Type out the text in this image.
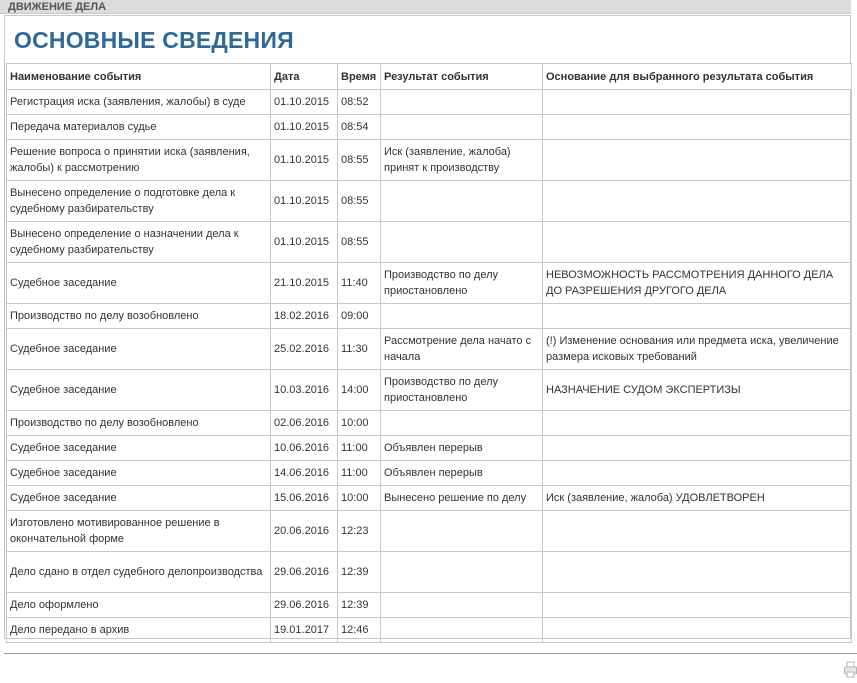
ДВИЖЕНИЕ ДЕЛА
ОСНОВНЫЕ СВЕДЕНИЯ
Наименование события	Дата	Время	Результат события	Основание для выбранного результата события
Регистрация иска (заявления, жалобы) в суде	01.10.2015	08:52		
Передача материалов судье	01.10.2015	08:54		
Решение вопроса о принятии иска (заявления, жалобы) к рассмотрению	01.10.2015	08:55	Иск (заявление, жалоба) принят к производству	
Вынесено определение о подготовке дела к судебному разбирательству	01.10.2015	08:55		
Вынесено определение о назначении дела к судебному разбирательству	01.10.2015	08:55		
Судебное заседание	21.10.2015	11:40	Производство по делу приостановлено	НЕВОЗМОЖНОСТЬ РАССМОТРЕНИЯ ДАННОГО ДЕЛА ДО РАЗРЕШЕНИЯ ДРУГОГО ДЕЛА
Производство по делу возобновлено	18.02.2016	09:00		
Судебное заседание	25.02.2016	11:30	Рассмотрение дела начато с начала	(!) Изменение основания или предмета иска, увеличение размера исковых требований
Судебное заседание	10.03.2016	14:00	Производство по делу приостановлено	НАЗНАЧЕНИЕ СУДОМ ЭКСПЕРТИЗЫ
Производство по делу возобновлено	02.06.2016	10:00		
Судебное заседание	10.06.2016	11:00	Объявлен перерыв	
Судебное заседание	14.06.2016	11:00	Объявлен перерыв	
Судебное заседание	15.06.2016	10:00	Вынесено решение по делу	Иск (заявление, жалоба) УДОВЛЕТВОРЕН
Изготовлено мотивированное решение в окончательной форме	20.06.2016	12:23		
Дело сдано в отдел судебного делопроизводства	29.06.2016	12:39		
Дело оформлено	29.06.2016	12:39		
Дело передано в архив	19.01.2017	12:46		
